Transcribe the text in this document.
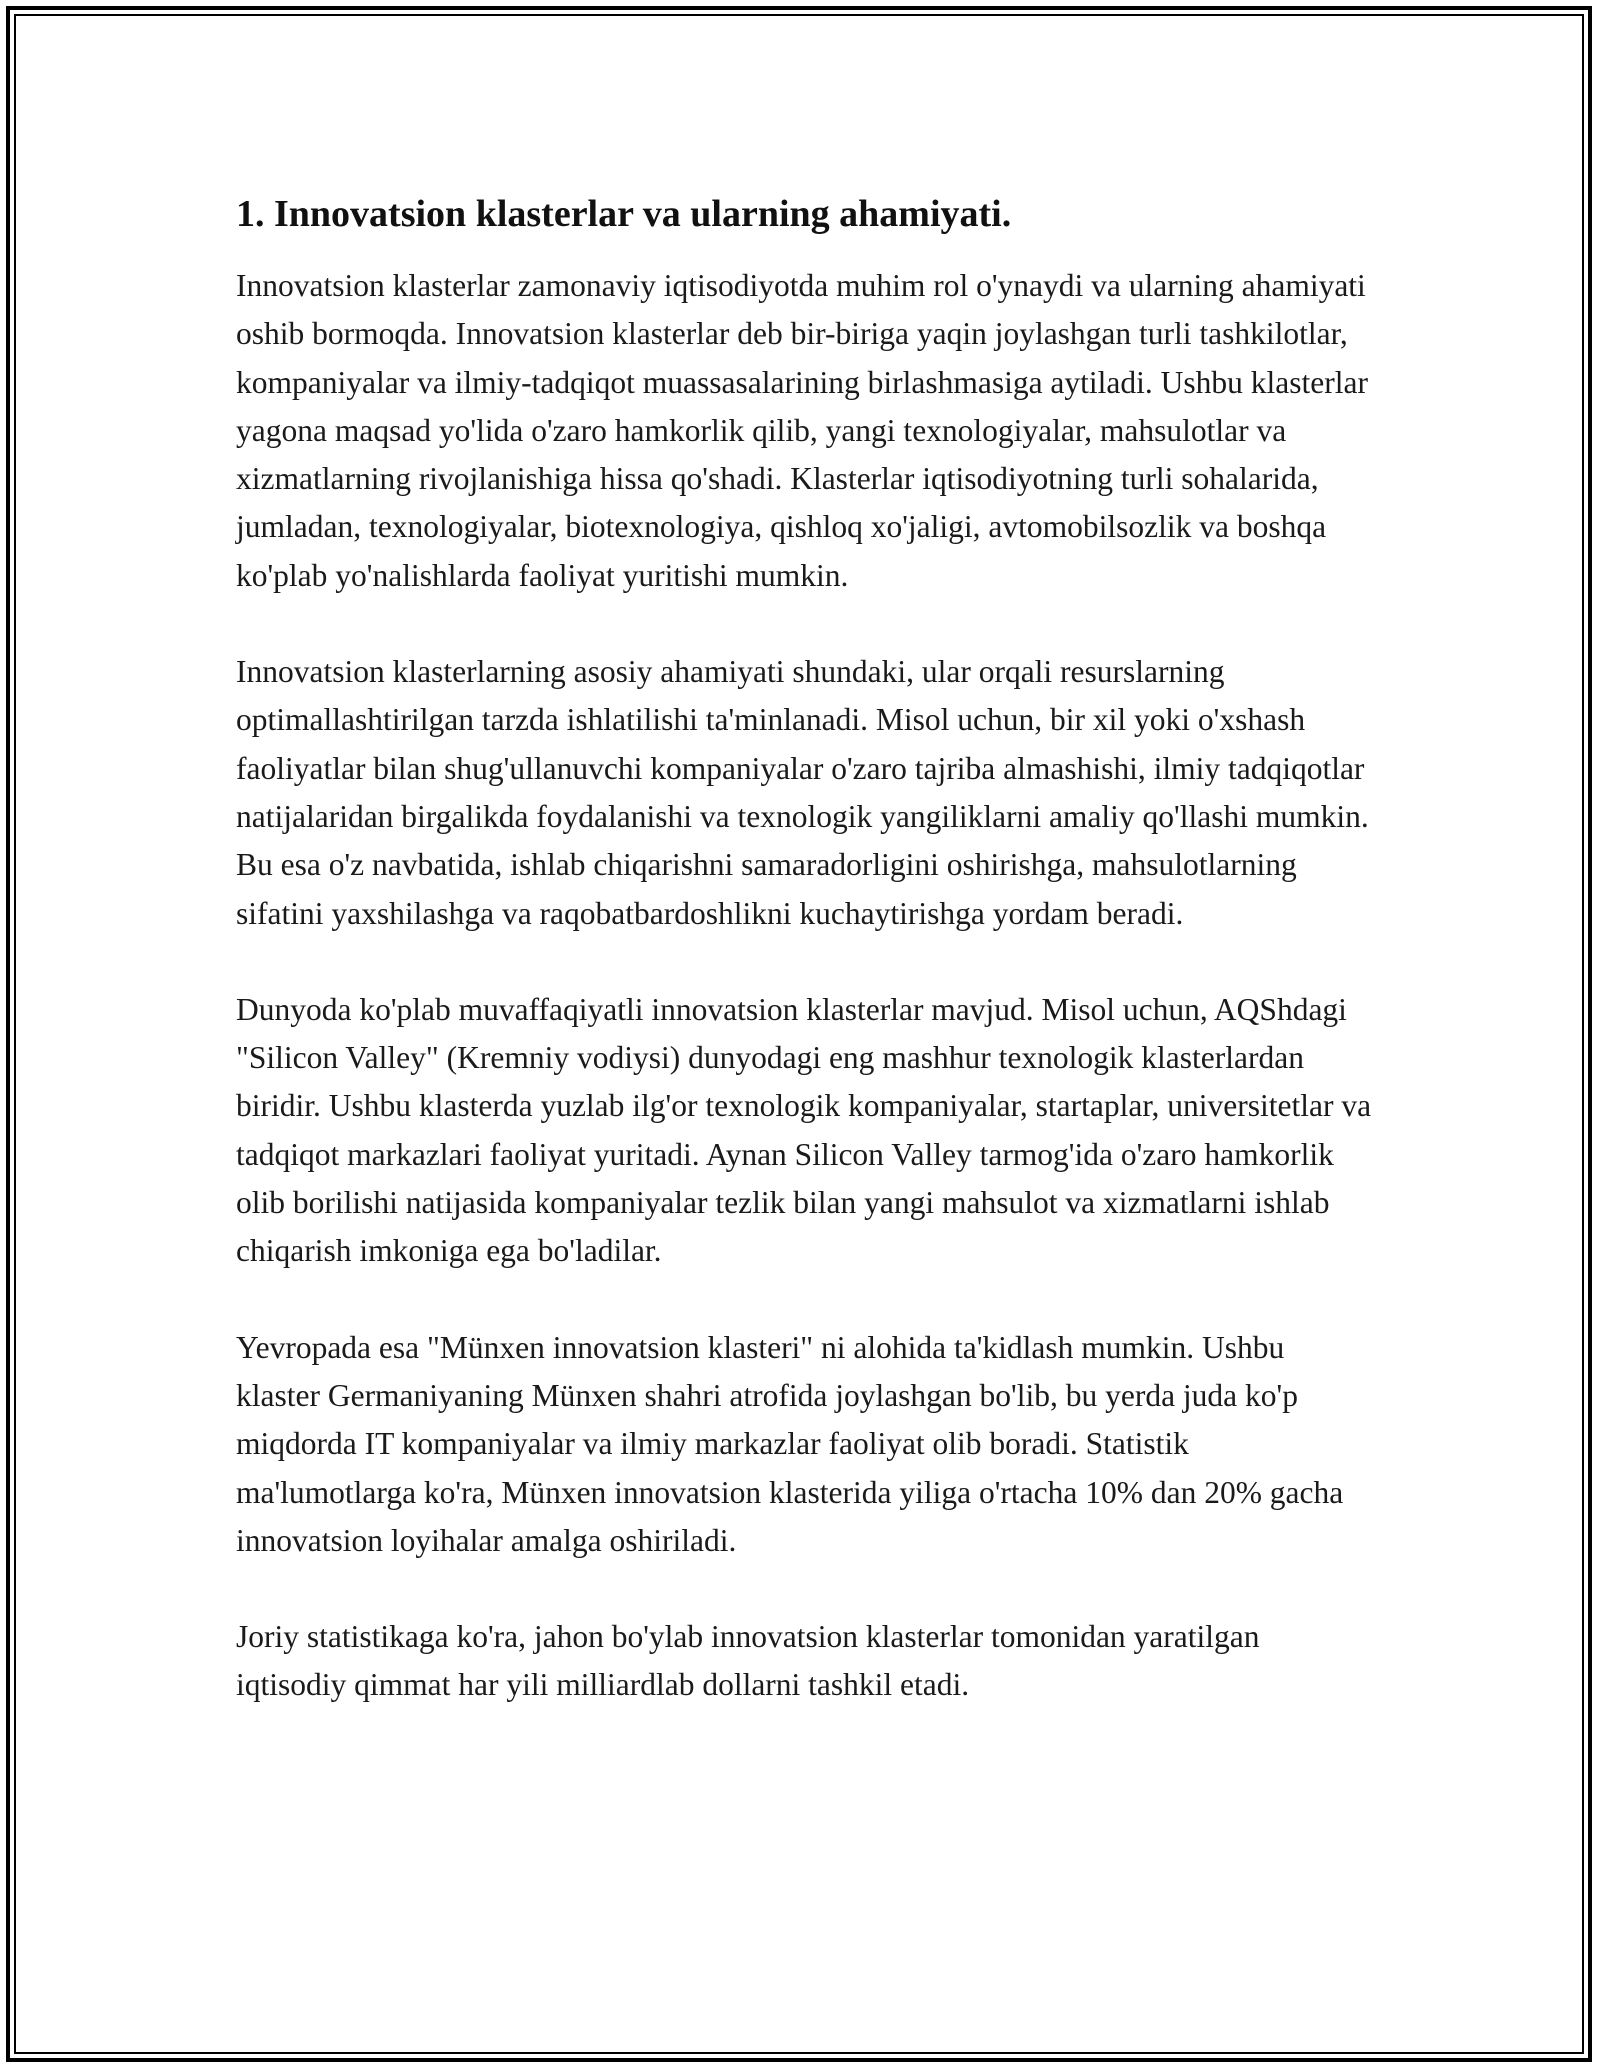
1. Innovatsion klasterlar va ularning ahamiyati.

Innovatsion klasterlar zamonaviy iqtisodiyotda muhim rol o'ynaydi va ularning ahamiyati oshib bormoqda. Innovatsion klasterlar deb bir-biriga yaqin joylashgan turli tashkilotlar, kompaniyalar va ilmiy-tadqiqot muassasalarining birlashmasiga aytiladi. Ushbu klasterlar yagona maqsad yo'lida o'zaro hamkorlik qilib, yangi texnologiyalar, mahsulotlar va xizmatlarning rivojlanishiga hissa qo'shadi. Klasterlar iqtisodiyotning turli sohalarida, jumladan, texnologiyalar, biotexnologiya, qishloq xo'jaligi, avtomobilsozlik va boshqa ko'plab yo'nalishlarda faoliyat yuritishi mumkin.

Innovatsion klasterlarning asosiy ahamiyati shundaki, ular orqali resurslarning optimallashtirilgan tarzda ishlatilishi ta'minlanadi. Misol uchun, bir xil yoki o'xshash faoliyatlar bilan shug'ullanuvchi kompaniyalar o'zaro tajriba almashishi, ilmiy tadqiqotlar natijalaridan birgalikda foydalanishi va texnologik yangiliklarni amaliy qo'llashi mumkin. Bu esa o'z navbatida, ishlab chiqarishni samaradorligini oshirishga, mahsulotlarning sifatini yaxshilashga va raqobatbardoshlikni kuchaytirishga yordam beradi.

Dunyoda ko'plab muvaffaqiyatli innovatsion klasterlar mavjud. Misol uchun, AQShdagi "Silicon Valley" (Kremniy vodiysi) dunyodagi eng mashhur texnologik klasterlardan biridir. Ushbu klasterda yuzlab ilg'or texnologik kompaniyalar, startaplar, universitetlar va tadqiqot markazlari faoliyat yuritadi. Aynan Silicon Valley tarmog'ida o'zaro hamkorlik olib borilishi natijasida kompaniyalar tezlik bilan yangi mahsulot va xizmatlarni ishlab chiqarish imkoniga ega bo'ladilar.

Yevropada esa "Münxen innovatsion klasteri" ni alohida ta'kidlash mumkin. Ushbu klaster Germaniyaning Münxen shahri atrofida joylashgan bo'lib, bu yerda juda ko'p miqdorda IT kompaniyalar va ilmiy markazlar faoliyat olib boradi. Statistik ma'lumotlarga ko'ra, Münxen innovatsion klasterida yiliga o'rtacha 10% dan 20% gacha innovatsion loyihalar amalga oshiriladi.

Joriy statistikaga ko'ra, jahon bo'ylab innovatsion klasterlar tomonidan yaratilgan iqtisodiy qimmat har yili milliardlab dollarni tashkil etadi.
